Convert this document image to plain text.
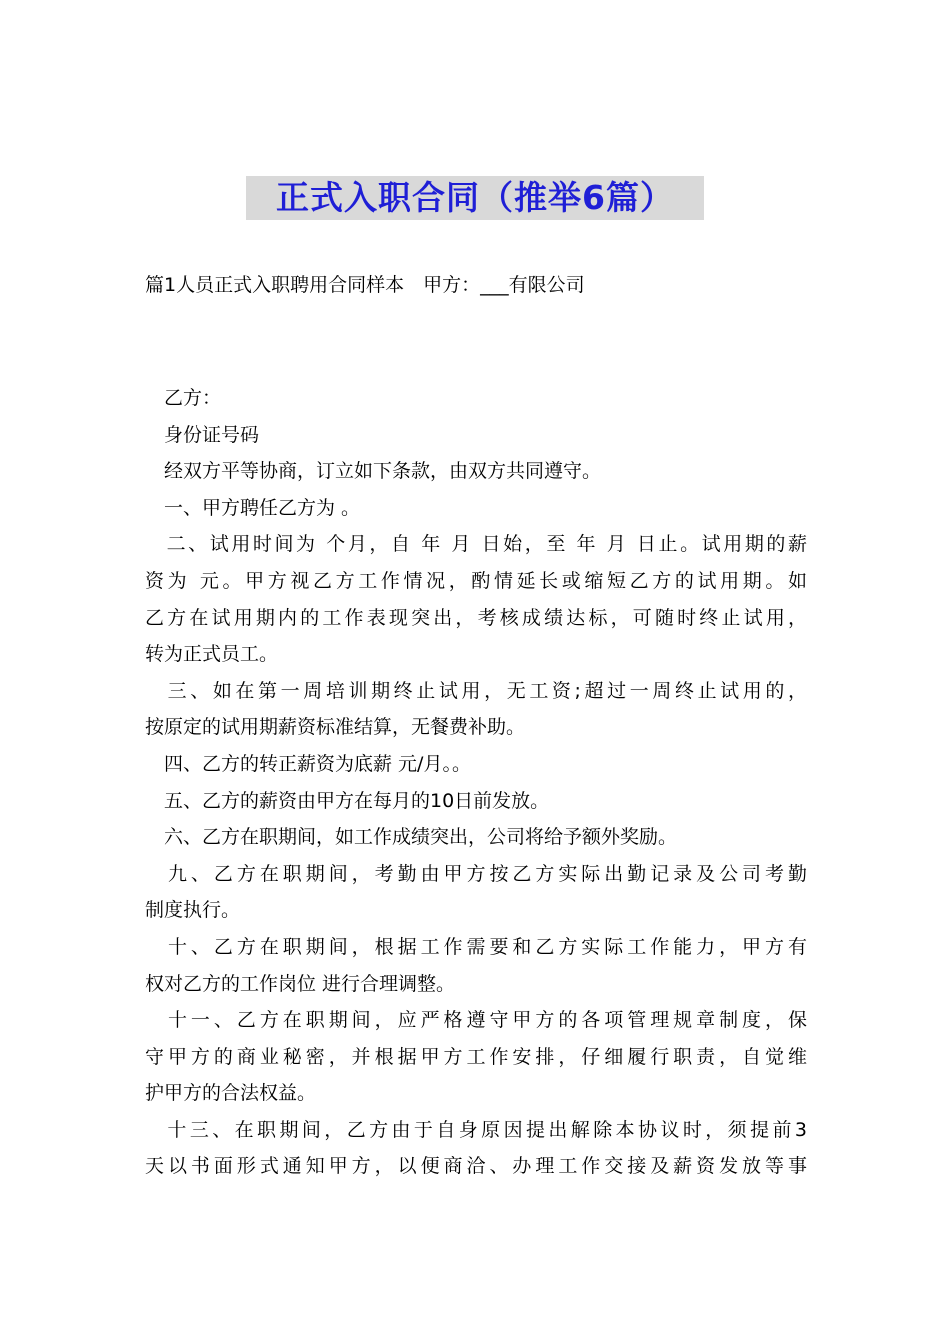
正式入职合同（推举6篇）
篇1人员正式入职聘用合同样本　甲方：___有限公司
　乙方：
　身份证号码
　经双方平等协商，订立如下条款，由双方共同遵守。
　一、甲方聘任乙方为 。
　二、试用时间为 个月，自 年 月 日始，至 年 月 日止。试用期的薪
资为 元。甲方视乙方工作情况，酌情延长或缩短乙方的试用期。如
乙方在试用期内的工作表现突出，考核成绩达标，可随时终止试用，
转为正式员工。
　三、如在第一周培训期终止试用，无工资;超过一周终止试用的，
按原定的试用期薪资标准结算，无餐费补助。
　四、乙方的转正薪资为底薪 元/月。。
　五、乙方的薪资由甲方在每月的10日前发放。
　六、乙方在职期间，如工作成绩突出，公司将给予额外奖励。
　九、乙方在职期间，考勤由甲方按乙方实际出勤记录及公司考勤
制度执行。
　十、乙方在职期间，根据工作需要和乙方实际工作能力，甲方有
权对乙方的工作岗位 进行合理调整。
　十一、乙方在职期间，应严格遵守甲方的各项管理规章制度，保
守甲方的商业秘密，并根据甲方工作安排，仔细履行职责，自觉维
护甲方的合法权益。
　十三、在职期间，乙方由于自身原因提出解除本协议时，须提前3
天以书面形式通知甲方，以便商洽、办理工作交接及薪资发放等事
